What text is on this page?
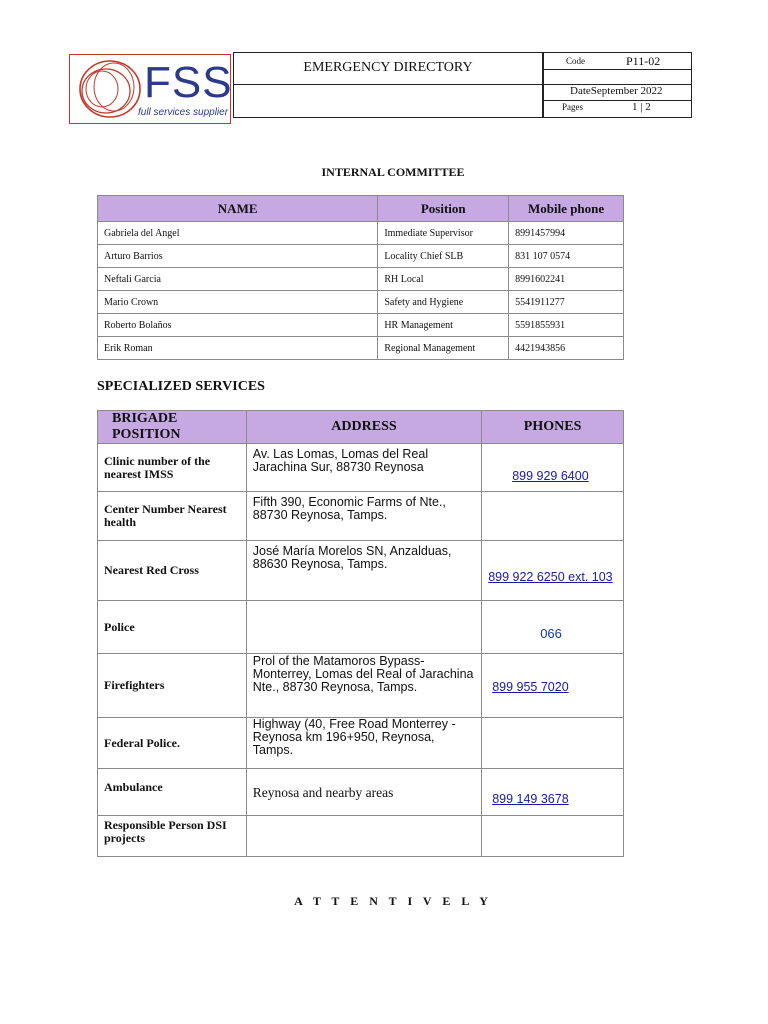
FSS
full services supplier
EMERGENCY DIRECTORY	Code	P11-02
DateSeptember 2022
Pages	1 | 2
INTERNAL COMMITTEE
NAME	Position	Mobile phone
Gabriela del Angel	Immediate Supervisor	8991457994
Arturo Barrios	Locality Chief SLB	831 107 0574
Neftali Garcia	RH Local	8991602241
Mario Crown	Safety and Hygiene	5541911277
Roberto Bolaños	HR Management	5591855931
Erik Roman	Regional Management	4421943856
SPECIALIZED SERVICES
BRIGADE POSITION	ADDRESS	PHONES
Clinic number of the nearest IMSS	Av. Las Lomas, Lomas del Real Jarachina Sur, 88730 Reynosa	899 929 6400
Center Number Nearest health	Fifth 390, Economic Farms of Nte., 88730 Reynosa, Tamps.	
Nearest Red Cross	José María Morelos SN, Anzalduas, 88630 Reynosa, Tamps.	899 922 6250 ext. 103
Police		066
Firefighters	Prol of the Matamoros Bypass-Monterrey, Lomas del Real of Jarachina Nte., 88730 Reynosa, Tamps.	899 955 7020
Federal Police.	Highway (40, Free Road Monterrey - Reynosa km 196+950, Reynosa, Tamps.	
Ambulance	Reynosa and nearby areas	899 149 3678
Responsible Person DSI projects		
A T T E N T I V E L Y
